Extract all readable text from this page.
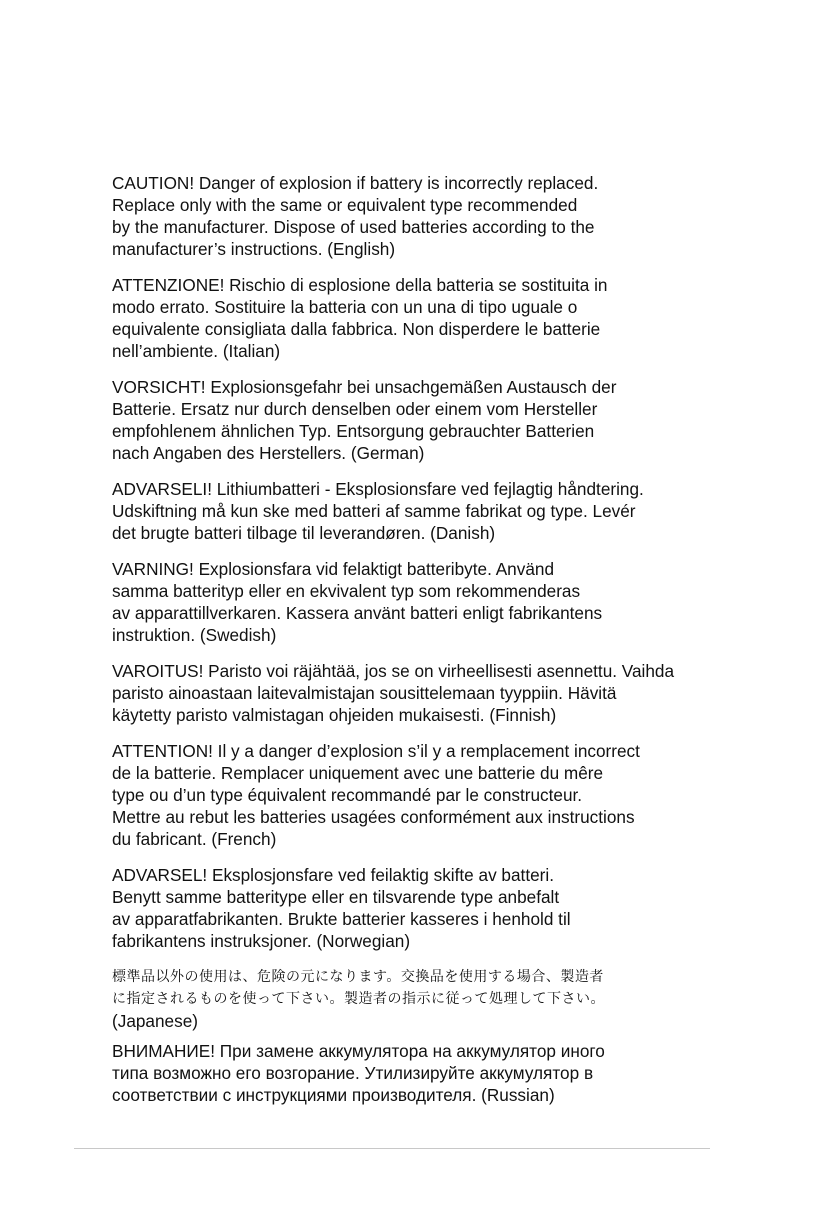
CAUTION! Danger of explosion if battery is incorrectly replaced.
Replace only with the same or equivalent type recommended
by the manufacturer. Dispose of used batteries according to the
manufacturer’s instructions. (English)

ATTENZIONE! Rischio di esplosione della batteria se sostituita in
modo errato. Sostituire la batteria con un una di tipo uguale o
equivalente consigliata dalla fabbrica. Non disperdere le batterie
nell’ambiente. (Italian)

VORSICHT! Explosionsgefahr bei unsachgemäßen Austausch der
Batterie. Ersatz nur durch denselben oder einem vom Hersteller
empfohlenem ähnlichen Typ. Entsorgung gebrauchter Batterien
nach Angaben des Herstellers. (German)

ADVARSELI! Lithiumbatteri - Eksplosionsfare ved fejlagtig håndtering.
Udskiftning må kun ske med batteri af samme fabrikat og type. Levér
det brugte batteri tilbage til leverandøren. (Danish)

VARNING! Explosionsfara vid felaktigt batteribyte. Använd
samma batterityp eller en ekvivalent typ som rekommenderas
av apparattillverkaren. Kassera använt batteri enligt fabrikantens
instruktion. (Swedish)

VAROITUS! Paristo voi räjähtää, jos se on virheellisesti asennettu. Vaihda
paristo ainoastaan laitevalmistajan sousittelemaan tyyppiin. Hävitä
käytetty paristo valmistagan ohjeiden mukaisesti. (Finnish)

ATTENTION! Il y a danger d’explosion s’il y a remplacement incorrect
de la batterie. Remplacer uniquement avec une batterie du mêre
type ou d’un type équivalent recommandé par le constructeur.
Mettre au rebut les batteries usagées conformément aux instructions
du fabricant. (French)

ADVARSEL! Eksplosjonsfare ved feilaktig skifte av batteri.
Benytt samme batteritype eller en tilsvarende type anbefalt
av apparatfabrikanten. Brukte batterier kasseres i henhold til
fabrikantens instruksjoner. (Norwegian)

標準品以外の使用は、危険の元になります。交換品を使用する場合、製造者
に指定されるものを使って下さい。製造者の指示に従って処理して下さい。
(Japanese)

ВНИМАНИЕ! При замене аккумулятора на аккумулятор иного
типа возможно его возгорание. Утилизируйте аккумулятор в
соответствии с инструкциями производителя. (Russian)
